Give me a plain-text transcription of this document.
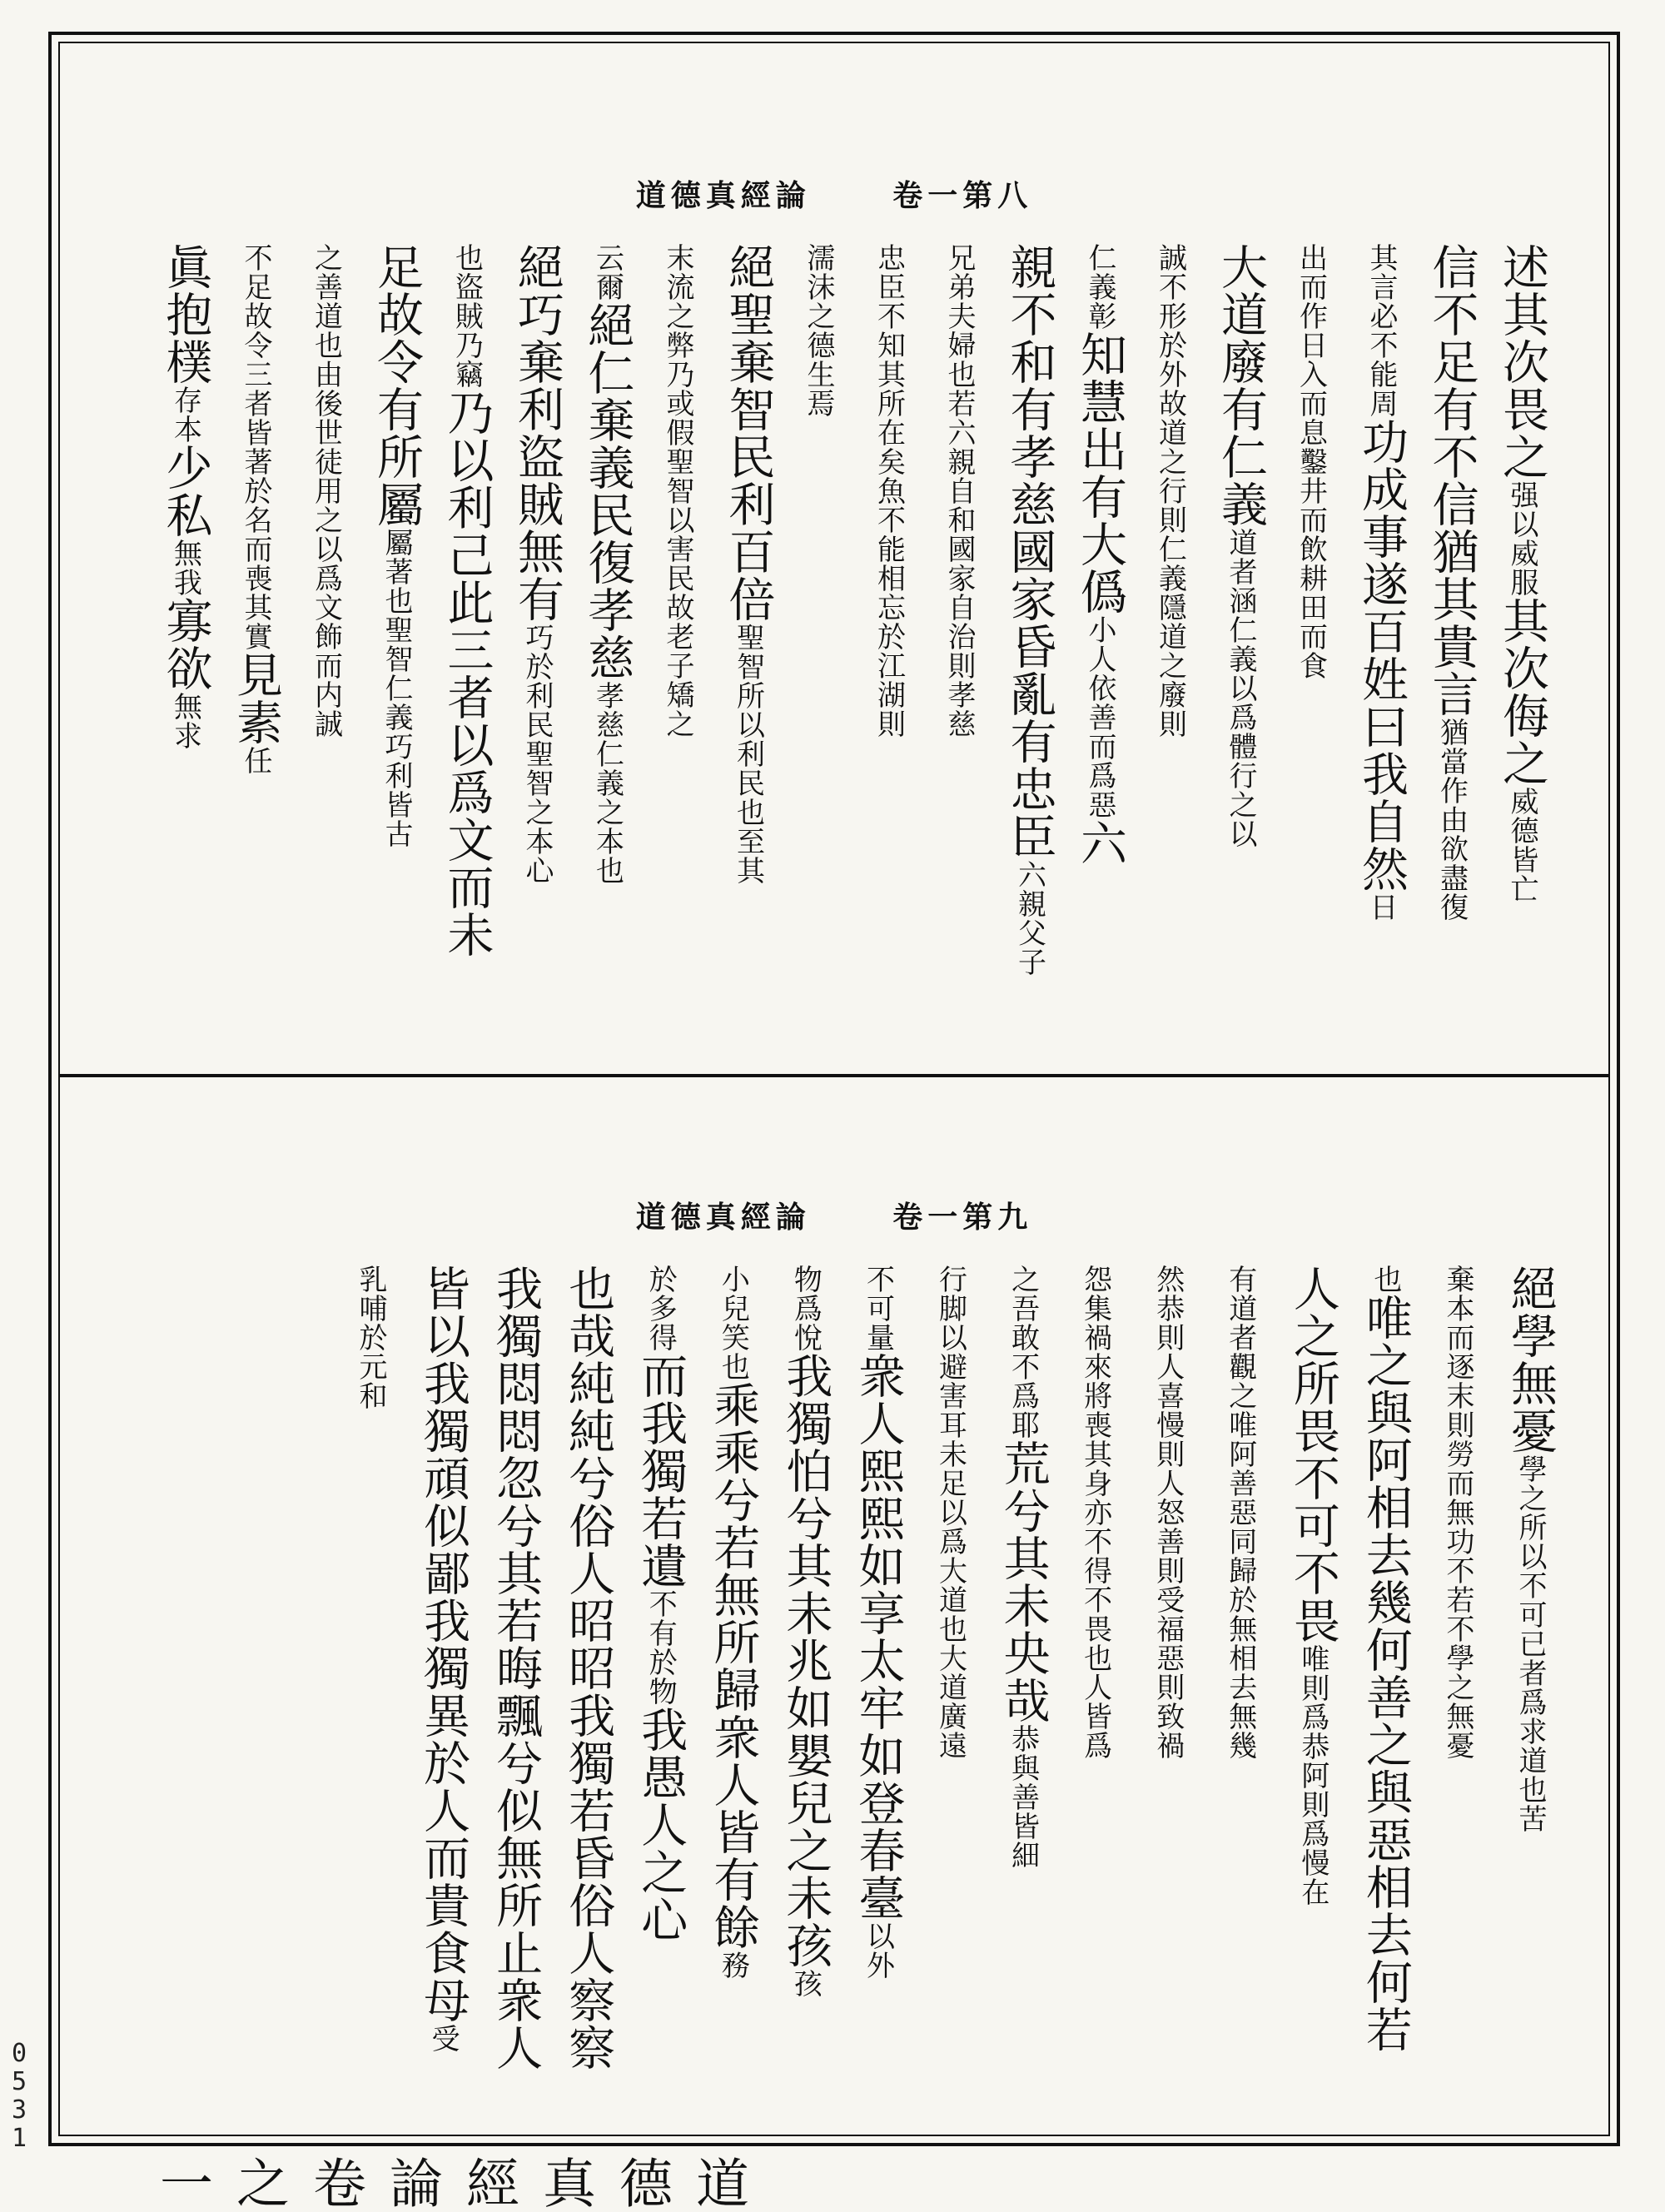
道德真經論	卷一第八
述其次畏之强以威服其次侮之威德皆亡
信不足有不信猶其貴言猶當作由欲盡復
其言必不能周功成事遂百姓曰我自然日
出而作日入而息鑿井而飲耕田而食
大道廢有仁義道者涵仁義以爲體行之以
誠不形於外故道之行則仁義隱道之廢則
仁義彰知慧出有大僞小人依善而爲惡六
親不和有孝慈國家昏亂有忠臣六親父子
兄弟夫婦也若六親自和國家自治則孝慈
忠臣不知其所在矣魚不能相忘於江湖則
濡沫之德生焉
絕聖棄智民利百倍聖智所以利民也至其
末流之弊乃或假聖智以害民故老子矯之
云爾絕仁棄義民復孝慈孝慈仁義之本也
絕巧棄利盜賊無有巧於利民聖智之本心
也盜賊乃竊乃以利己此三者以爲文而未
足故令有所屬屬著也聖智仁義巧利皆古
之善道也由後世徒用之以爲文飾而内誠
不足故令三者皆著於名而喪其實見素任
眞抱樸存本少私無我寡欲無求
道德真經論	卷一第九
道德真經論卷之一
絕學無憂學之所以不可已者爲求道也苦
棄本而逐末則勞而無功不若不學之無憂
也唯之與阿相去幾何善之與惡相去何若
人之所畏不可不畏唯則爲恭阿則爲慢在
有道者觀之唯阿善惡同歸於無相去無幾
然恭則人喜慢則人怒善則受福惡則致禍
怨集禍來將喪其身亦不得不畏也人皆爲
之吾敢不爲耶荒兮其未央哉恭與善皆細
行脚以避害耳未足以爲大道也大道廣遠
不可量衆人熙熙如享太牢如登春臺以外
物爲悅我獨怕兮其未兆如嬰兒之未孩孩
小兒笑也乘乘兮若無所歸衆人皆有餘務
於多得而我獨若遺不有於物我愚人之心
也哉純純兮俗人昭昭我獨若昏俗人察察
我獨悶悶忽兮其若晦飄兮似無所止衆人
皆以我獨頑似鄙我獨異於人而貴食母受
乳哺於元和
0531
